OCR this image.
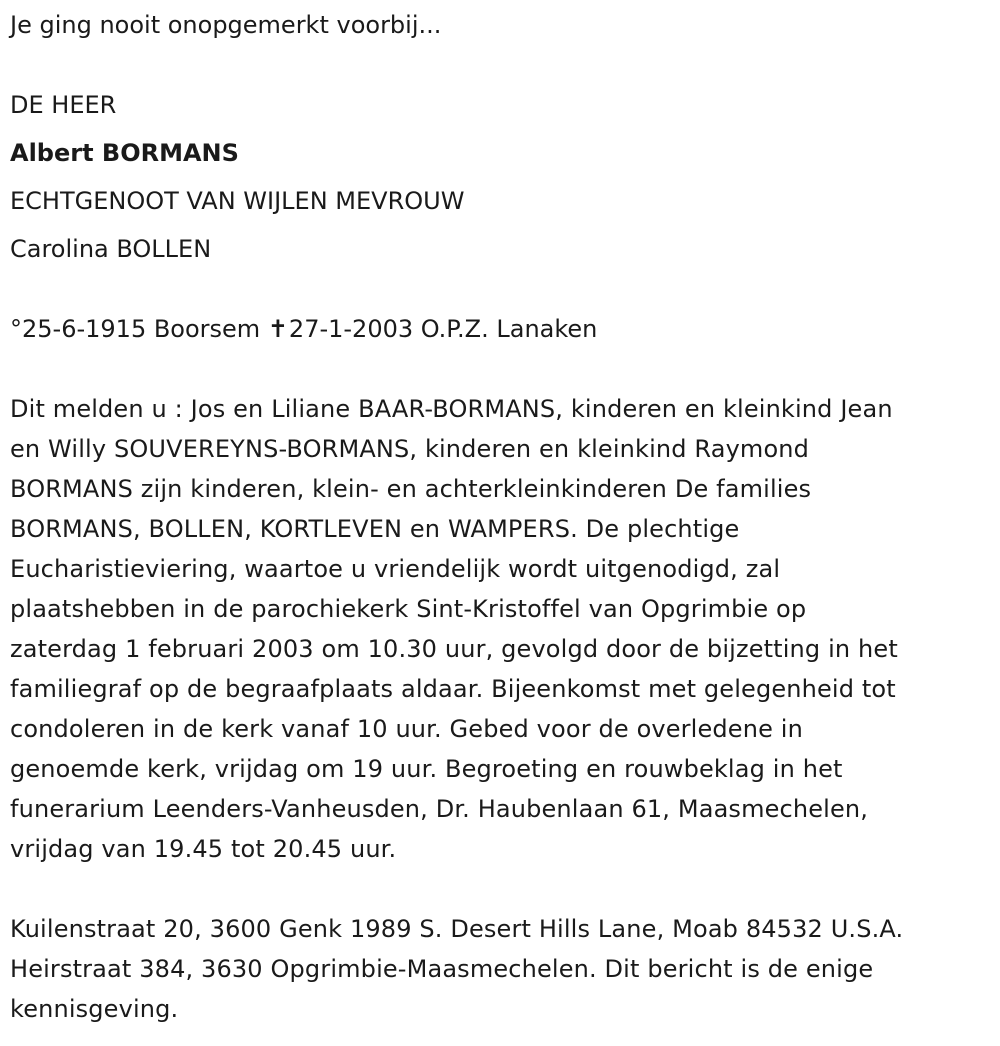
Je ging nooit onopgemerkt voorbij...
DE HEER
Albert BORMANS
ECHTGENOOT VAN WIJLEN MEVROUW
Carolina BOLLEN
°25-6-1915 Boorsem ✝27-1-2003 O.P.Z. Lanaken
Dit melden u : Jos en Liliane BAAR-BORMANS, kinderen en kleinkind Jean
en Willy SOUVEREYNS-BORMANS, kinderen en kleinkind Raymond
BORMANS zijn kinderen, klein- en achterkleinkinderen De families
BORMANS, BOLLEN, KORTLEVEN en WAMPERS. De plechtige
Eucharistieviering, waartoe u vriendelijk wordt uitgenodigd, zal
plaatshebben in de parochiekerk Sint-Kristoffel van Opgrimbie op
zaterdag 1 februari 2003 om 10.30 uur, gevolgd door de bijzetting in het
familiegraf op de begraafplaats aldaar. Bijeenkomst met gelegenheid tot
condoleren in de kerk vanaf 10 uur. Gebed voor de overledene in
genoemde kerk, vrijdag om 19 uur. Begroeting en rouwbeklag in het
funerarium Leenders-Vanheusden, Dr. Haubenlaan 61, Maasmechelen,
vrijdag van 19.45 tot 20.45 uur.
Kuilenstraat 20, 3600 Genk 1989 S. Desert Hills Lane, Moab 84532 U.S.A.
Heirstraat 384, 3630 Opgrimbie-Maasmechelen. Dit bericht is de enige
kennisgeving.
